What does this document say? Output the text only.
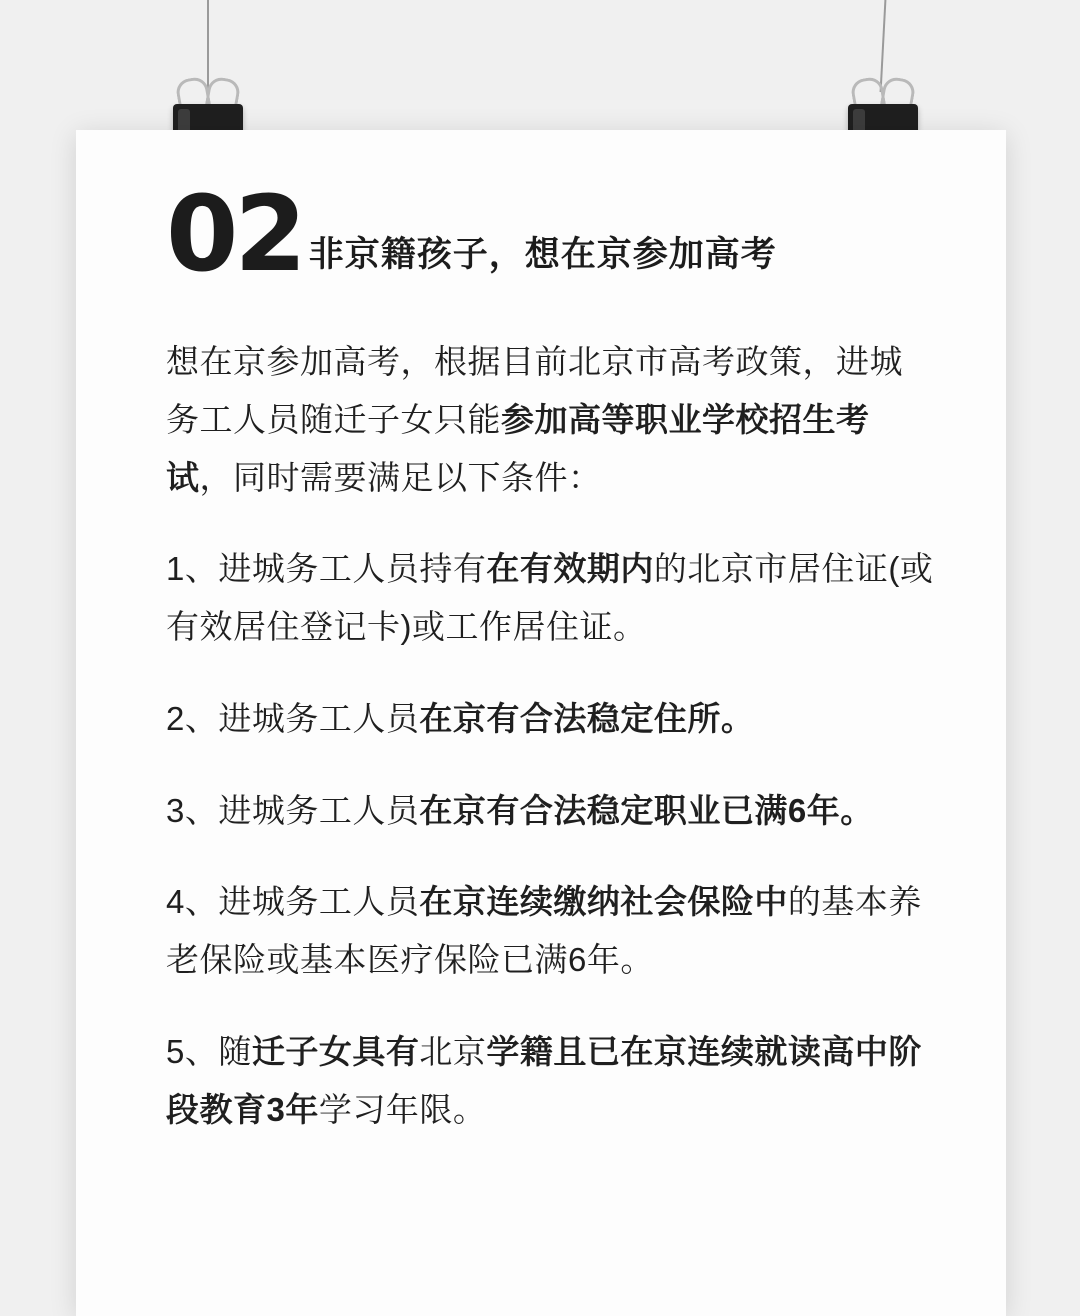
02 非京籍孩子，想在京参加高考
想在京参加高考，根据目前北京市高考政策，进城务工人员随迁子女只能参加高等职业学校招生考试，同时需要满足以下条件：
1、进城务工人员持有在有效期内的北京市居住证(或有效居住登记卡)或工作居住证。
2、进城务工人员在京有合法稳定住所。
3、进城务工人员在京有合法稳定职业已满6年。
4、进城务工人员在京连续缴纳社会保险中的基本养老保险或基本医疗保险已满6年。
5、随迁子女具有北京学籍且已在京连续就读高中阶段教育3年学习年限。
